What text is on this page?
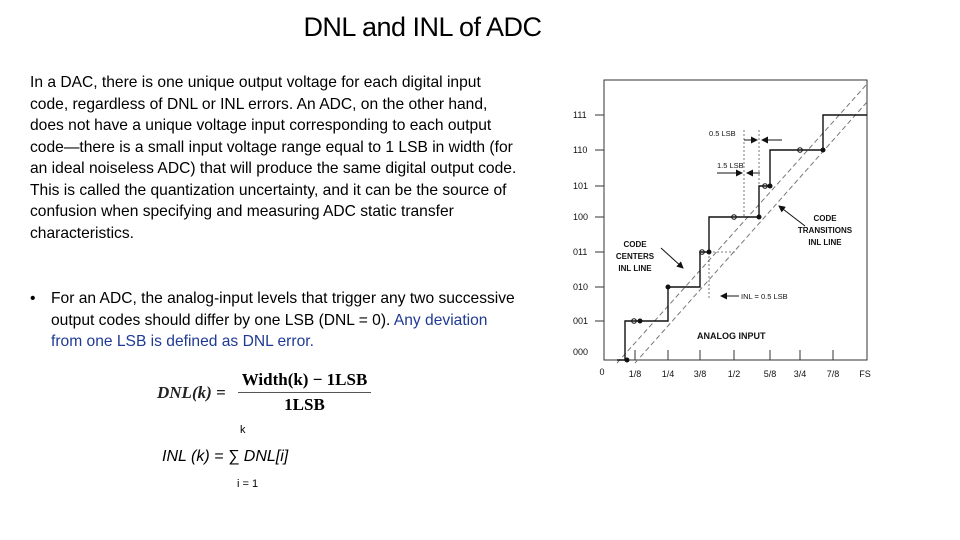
DNL and INL of ADC
In a DAC, there is one unique output voltage for each digital input code, regardless of DNL or INL errors. An ADC, on the other hand, does not have a unique voltage input corresponding to each output code—there is a small input voltage range equal to 1 LSB in width (for an ideal noiseless ADC) that will produce the same digital output code. This is called the quantization uncertainty, and it can be the source of confusion when specifying and measuring ADC static transfer characteristics.
• For an ADC, the analog-input levels that trigger any two successive output codes should differ by one LSB (DNL = 0). Any deviation from one LSB is defined as DNL error.
$DNL(k) = \frac{\text{Width(k) − 1LSB}}{\text{1LSB}}$
k
INL (k) = ∑ DNL[i]
i = 1
111
110
101
100
011
010
001
000
0	1/8 1/4 3/8 1/2	5/8 3/4 7/8 FS
0.5 LSB
1.5 LSB
CODE
TRANSITIONS
INL LINE
CODE
CENTERS
INL LINE
INL = 0.5 LSB
ANALOG INPUT
